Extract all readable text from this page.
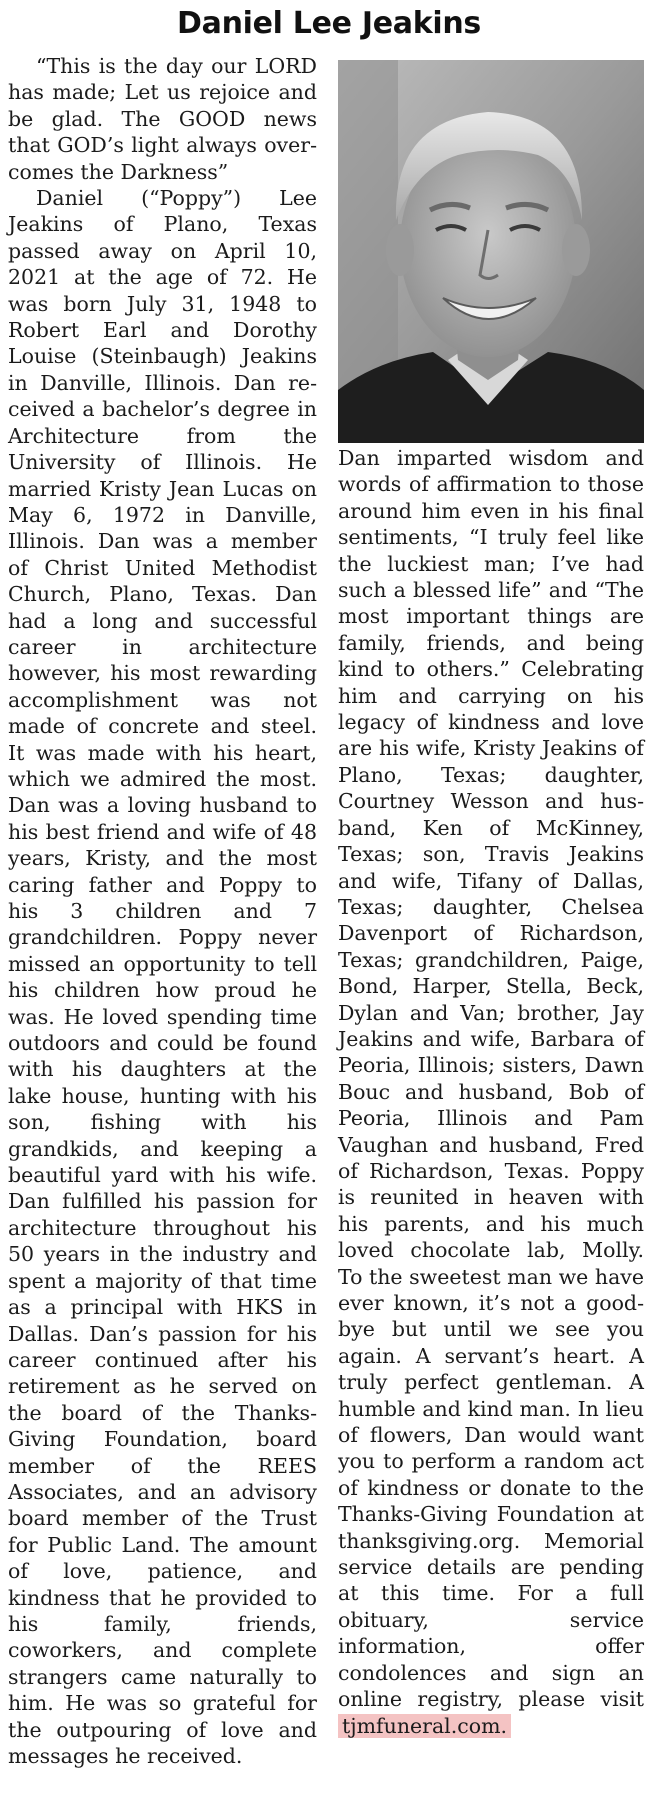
Daniel Lee Jeakins

“This is the day our LORD has made; Let us rejoice and be glad. The GOOD news that GOD’s light always overcomes the Darkness”

Daniel (“Poppy”) Lee Jeakins of Plano, Texas passed away on April 10, 2021 at the age of 72. He was born July 31, 1948 to Robert Earl and Dorothy Louise (Steinbaugh) Jeakins in Danville, Illinois. Dan received a bachelor’s degree in Architecture from the University of Illinois. He married Kristy Jean Lucas on May 6, 1972 in Danville, Illinois. Dan was a member of Christ United Methodist Church, Plano, Texas. Dan had a long and successful career in architecture however, his most rewarding accomplishment was not made of concrete and steel. It was made with his heart, which we admired the most. Dan was a loving husband to his best friend and wife of 48 years, Kristy, and the most caring father and Poppy to his 3 children and 7 grandchildren. Poppy never missed an opportunity to tell his children how proud he was. He loved spending time outdoors and could be found with his daughters at the lake house, hunting with his son, fishing with his grandkids, and keeping a beautiful yard with his wife. Dan fulfilled his passion for architecture throughout his 50 years in the industry and spent a majority of that time as a principal with HKS in Dallas. Dan’s passion for his career continued after his retirement as he served on the board of the ThanksGiving Foundation, board member of the REES Associates, and an advisory board member of the Trust for Public Land. The amount of love, patience, and kindness that he provided to his family, friends, coworkers, and complete strangers came naturally to him. He was so grateful for the outpouring of love and messages he received.

Dan imparted wisdom and words of affirmation to those around him even in his final sentiments, “I truly feel like the luckiest man; I’ve had such a blessed life” and “The most important things are family, friends, and being kind to others.” Celebrating him and carrying on his legacy of kindness and love are his wife, Kristy Jeakins of Plano, Texas; daughter, Courtney Wesson and husband, Ken of McKinney, Texas; son, Travis Jeakins and wife, Tifany of Dallas, Texas; daughter, Chelsea Davenport of Richardson, Texas; grandchildren, Paige, Bond, Harper, Stella, Beck, Dylan and Van; brother, Jay Jeakins and wife, Barbara of Peoria, Illinois; sisters, Dawn Bouc and husband, Bob of Peoria, Illinois and Pam Vaughan and husband, Fred of Richardson, Texas. Poppy is reunited in heaven with his parents, and his much loved chocolate lab, Molly. To the sweetest man we have ever known, it’s not a goodbye but until we see you again. A servant’s heart. A truly perfect gentleman. A humble and kind man. In lieu of flowers, Dan would want you to perform a random act of kindness or donate to the Thanks-Giving Foundation at thanksgiving.org. Memorial service details are pending at this time. For a full obituary, service information, offer condolences and sign an online registry, please visit tjmfuneral.com.
